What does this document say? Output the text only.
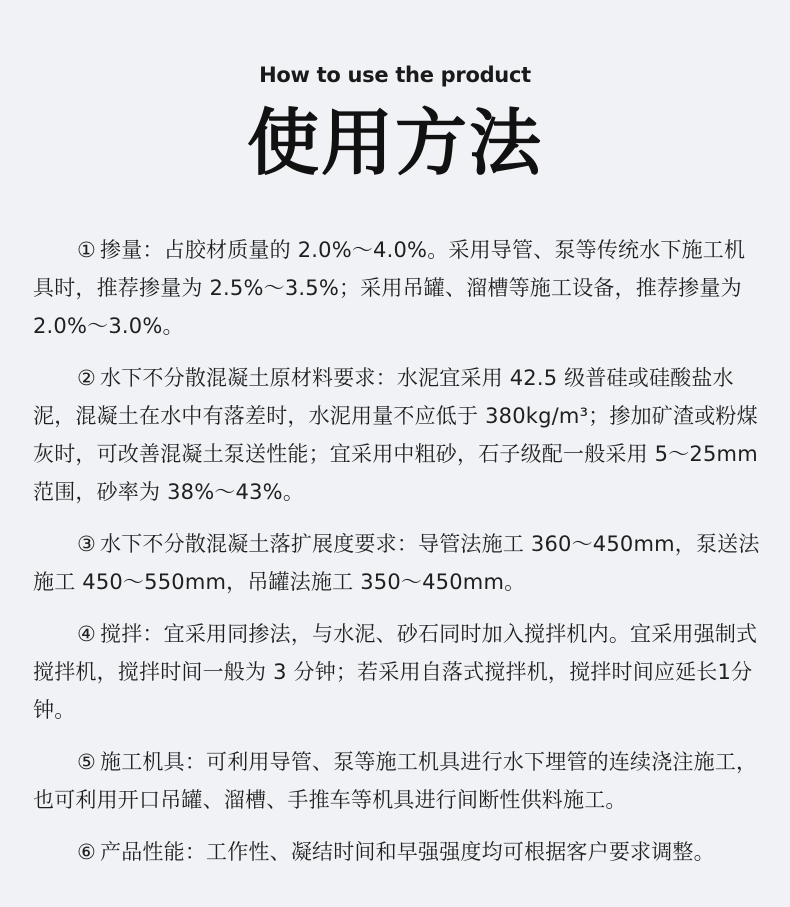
How to use the product
使用方法

① 掺量：占胶材质量的 2.0%～4.0%。采用导管、泵等传统水下施工机具时，推荐掺量为 2.5%～3.5%；采用吊罐、溜槽等施工设备，推荐掺量为 2.0%～3.0%。

② 水下不分散混凝土原材料要求：水泥宜采用 42.5 级普硅或硅酸盐水泥，混凝土在水中有落差时，水泥用量不应低于 380kg/m³；掺加矿渣或粉煤灰时，可改善混凝土泵送性能；宜采用中粗砂，石子级配一般采用 5～25mm 范围，砂率为 38%～43%。

③ 水下不分散混凝土落扩展度要求：导管法施工 360～450mm，泵送法施工 450～550mm，吊罐法施工 350～450mm。

④ 搅拌：宜采用同掺法，与水泥、砂石同时加入搅拌机内。宜采用强制式搅拌机，搅拌时间一般为 3 分钟；若采用自落式搅拌机，搅拌时间应延长1分钟。

⑤ 施工机具：可利用导管、泵等施工机具进行水下埋管的连续浇注施工，也可利用开口吊罐、溜槽、手推车等机具进行间断性供料施工。

⑥ 产品性能：工作性、凝结时间和早强强度均可根据客户要求调整。
